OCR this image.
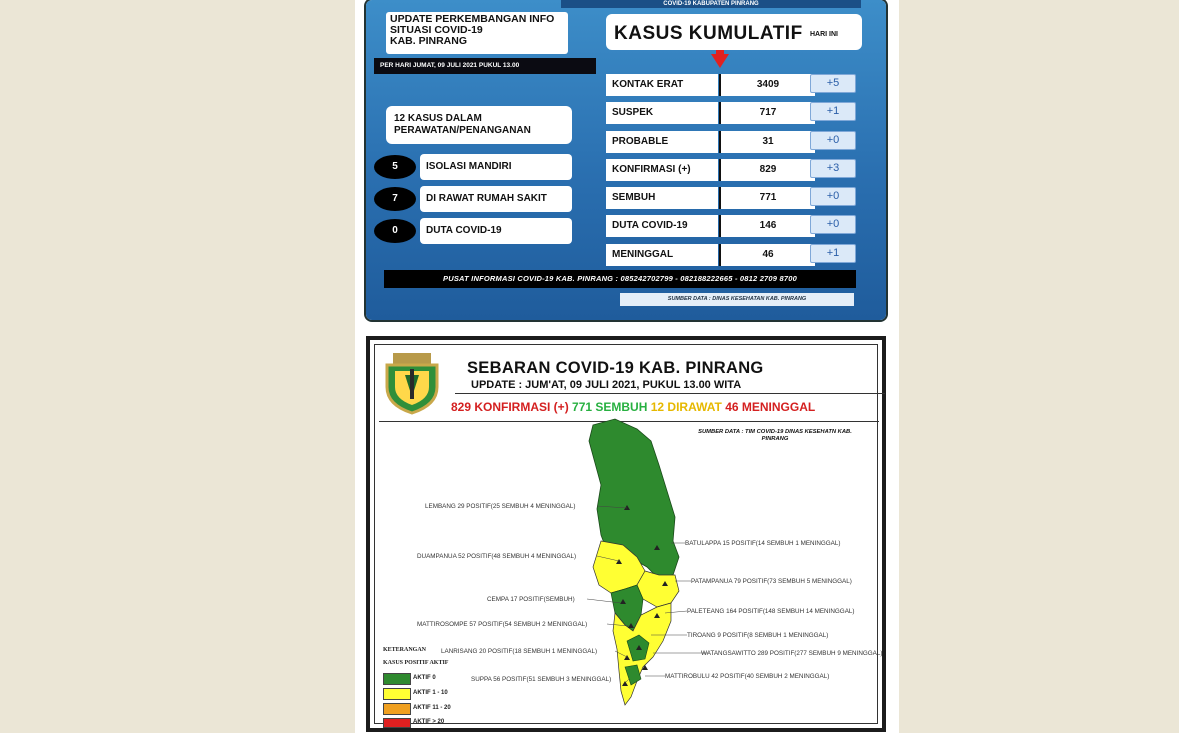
COVID-19 KABUPATEN PINRANG
UPDATE PERKEMBANGAN INFO
SITUASI COVID-19
KAB. PINRANG
PER HARI JUMAT, 09 JULI 2021 PUKUL 13.00
KASUS KUMULATIF HARI INI
KONTAK ERAT	3409	+5
SUSPEK	717	+1
PROBABLE	31	+0
KONFIRMASI (+)	829	+3
SEMBUH	771	+0
DUTA COVID-19	146	+0
MENINGGAL	46	+1
12 KASUS DALAM PERAWATAN/PENANGANAN
5	ISOLASI MANDIRI
7	DI RAWAT RUMAH SAKIT
0	DUTA COVID-19
PUSAT INFORMASI COVID-19 KAB. PINRANG : 085242702799 - 082188222665 - 0812 2709 8700
SUMBER DATA : DINAS KESEHATAN KAB. PINRANG
SEBARAN COVID-19 KAB. PINRANG
UPDATE : JUM'AT, 09 JULI 2021, PUKUL 13.00 WITA
829 KONFIRMASI (+) 771 SEMBUH 12 DIRAWAT 46 MENINGGAL
SUMBER DATA : TIM COVID-19 DINAS KESEHATN KAB. PINRANG
LEMBANG 29 POSITIF(25 SEMBUH 4 MENINGGAL)
BATULAPPA 15 POSITIF(14 SEMBUH 1 MENINGGAL)
DUAMPANUA 52 POSITIF(48 SEMBUH 4 MENINGGAL)
PATAMPANUA 79 POSITIF(73 SEMBUH 5 MENINGGAL)
CEMPA 17 POSITIF(SEMBUH)
PALETEANG 164 POSITIF(148 SEMBUH 14 MENINGGAL)
MATTIROSOMPE 57 POSITIF(54 SEMBUH 2 MENINGGAL)
TIROANG 9 POSITIF(8 SEMBUH 1 MENINGGAL)
LANRISANG 20 POSITIF(18 SEMBUH 1 MENINGGAL)	WATANGSAWITTO 289 POSITIF(277 SEMBUH 9 MENINGGAL)
SUPPA 56 POSITIF(51 SEMBUH 3 MENINGGAL)	MATTIROBULU 42 POSITIF(40 SEMBUH 2 MENINGGAL)
KETERANGAN
KASUS POSITIF AKTIF
AKTIF 0
AKTIF 1 - 10
AKTIF 11 - 20
AKTIF > 20
